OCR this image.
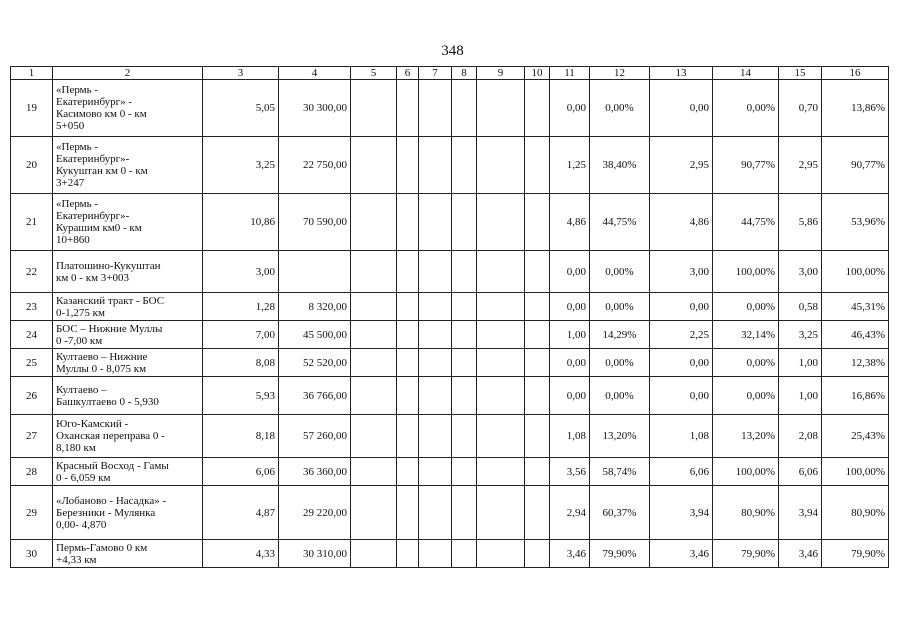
348
1	2	3	4	5	6	7	8	9	10	11	12	13	14	15	16
19	«Пермь -
Екатеринбург» -
Касимово км 0 - км
5+050	5,05	30 300,00							0,00	0,00%	0,00	0,00%	0,70	13,86%
20	«Пермь -
Екатеринбург»-
Кукуштан км 0 - км
3+247	3,25	22 750,00							1,25	38,40%	2,95	90,77%	2,95	90,77%
21	«Пермь -
Екатеринбург»-
Курашим км0 - км
10+860	10,86	70 590,00							4,86	44,75%	4,86	44,75%	5,86	53,96%
22	Платошино-Кукуштан
км 0 - км 3+003	3,00								0,00	0,00%	3,00	100,00%	3,00	100,00%
23	Казанский тракт - БОС
0-1,275 км	1,28	8 320,00							0,00	0,00%	0,00	0,00%	0,58	45,31%
24	БОС – Нижние Муллы
0 -7,00 км	7,00	45 500,00							1,00	14,29%	2,25	32,14%	3,25	46,43%
25	Култаево – Нижние
Муллы 0 - 8,075 км	8,08	52 520,00							0,00	0,00%	0,00	0,00%	1,00	12,38%
26	Култаево –
Башкултаево 0 - 5,930	5,93	36 766,00							0,00	0,00%	0,00	0,00%	1,00	16,86%
27	Юго-Камский -
Оханская переправа 0 -
8,180 км	8,18	57 260,00							1,08	13,20%	1,08	13,20%	2,08	25,43%
28	Красный Восход - Гамы
0 - 6,059 км	6,06	36 360,00							3,56	58,74%	6,06	100,00%	6,06	100,00%
29	«Лобаново - Насадка» -
Березники - Мулянка
0,00- 4,870	4,87	29 220,00							2,94	60,37%	3,94	80,90%	3,94	80,90%
30	Пермь-Гамово 0 км
+4,33 км	4,33	30 310,00							3,46	79,90%	3,46	79,90%	3,46	79,90%
